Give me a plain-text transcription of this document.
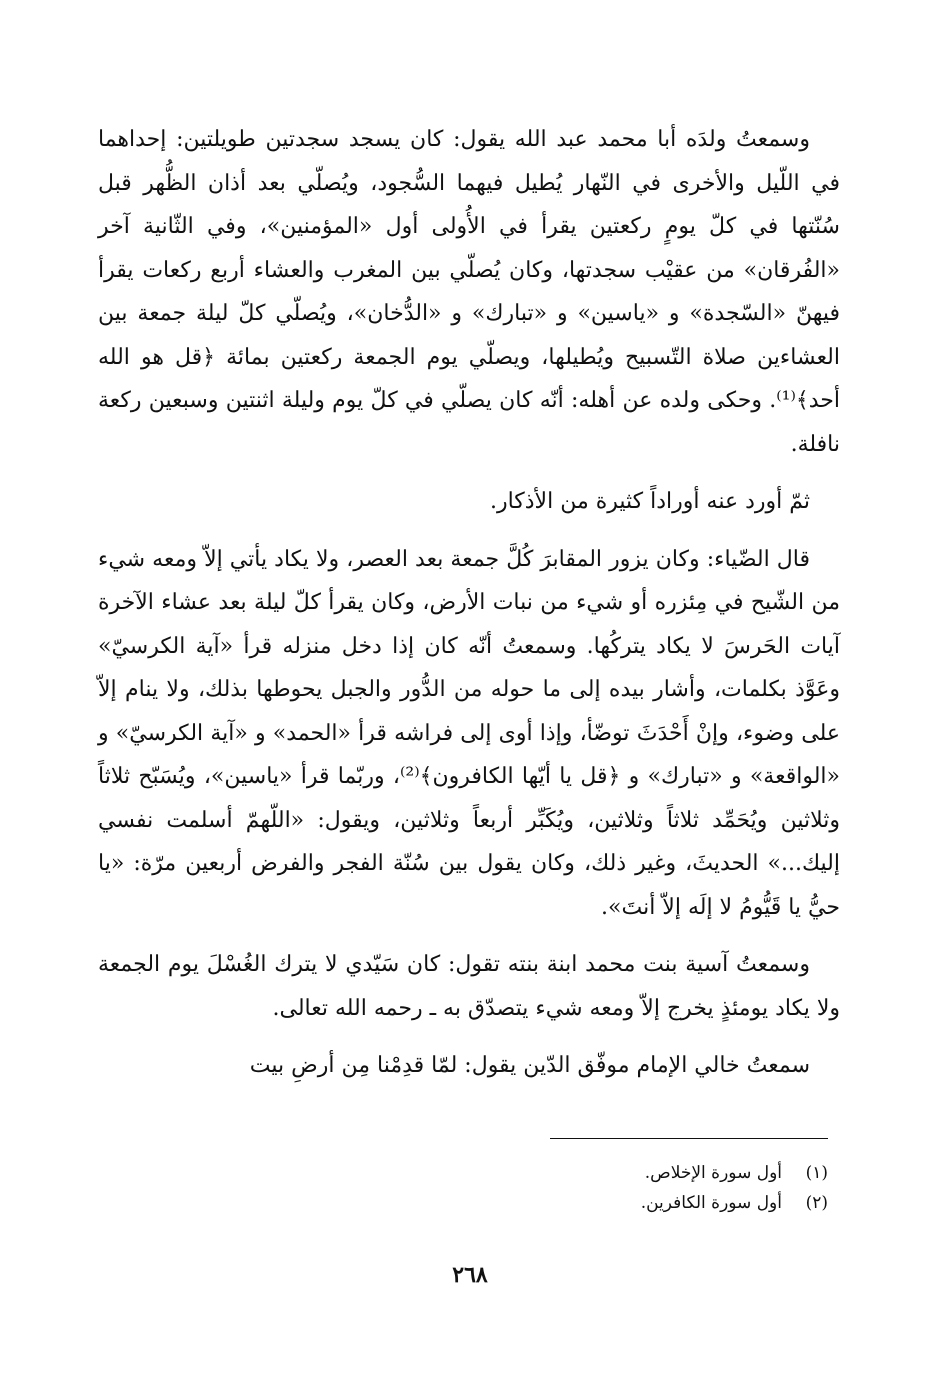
وسمعتُ ولدَه أبا محمد عبد الله يقول: كان يسجد سجدتين طويلتين: إحداهما في اللّيل والأخرى في النّهار يُطيل فيهما السُّجود، ويُصلّي بعد أذان الظُّهر قبل سُنّتها في كلّ يومٍ ركعتين يقرأ في الأُولى أول «المؤمنين»، وفي الثّانية آخر «الفُرقان» من عقيْب سجدتها، وكان يُصلّي بين المغرب والعشاء أربع ركعات يقرأ فيهنّ «السّجدة» و «ياسين» و «تبارك» و «الدُّخان»، ويُصلّي كلّ ليلة جمعة بين العشاءين صلاة التّسبيح ويُطيلها، ويصلّي يوم الجمعة ركعتين بمائة ﴿قل هو الله أحد﴾⁽¹⁾. وحكى ولده عن أهله: أنّه كان يصلّي في كلّ يوم وليلة اثنتين وسبعين ركعة نافلة.

ثمّ أورد عنه أوراداً كثيرة من الأذكار.

قال الضّياء: وكان يزور المقابرَ كُلَّ جمعة بعد العصر، ولا يكاد يأتي إلاّ ومعه شيء من الشّيح في مِئزره أو شيء من نبات الأرض، وكان يقرأ كلّ ليلة بعد عشاء الآخرة آيات الحَرسَ لا يكاد يتركُها. وسمعتُ أنّه كان إذا دخل منزله قرأ «آية الكرسيّ» وعَوَّذ بكلمات، وأشار بيده إلى ما حوله من الدُّور والجبل يحوطها بذلك، ولا ينام إلاّ على وضوء، وإنْ أَحْدَثَ توضّأ، وإذا أوى إلى فراشه قرأ «الحمد» و «آية الكرسيّ» و «الواقعة» و «تبارك» و ﴿قل يا أيّها الكافرون﴾⁽²⁾، وربّما قرأ «ياسين»، ويُسَبّح ثلاثاً وثلاثين ويُحَمِّد ثلاثاً وثلاثين، ويُكَبِّر أربعاً وثلاثين، ويقول: «اللّهمّ أسلمت نفسي إليك...» الحديثَ، وغير ذلك، وكان يقول بين سُنّة الفجر والفرض أربعين مرّة: «يا حيُّ يا قَيُّومُ لا إلَه إلاّ أنتَ».

وسمعتُ آسية بنت محمد ابنة بنته تقول: كان سَيّدي لا يترك الغُسْلَ يوم الجمعة ولا يكاد يومئذٍ يخرج إلاّ ومعه شيء يتصدّق به ـ رحمه الله تعالى.

سمعتُ خالي الإمام موفّق الدّين يقول: لمّا قدِمْنا مِن أرضِ بيت

(١)
أول سورة الإخلاص.
(٢)
أول سورة الكافرين.
٢٦٨
